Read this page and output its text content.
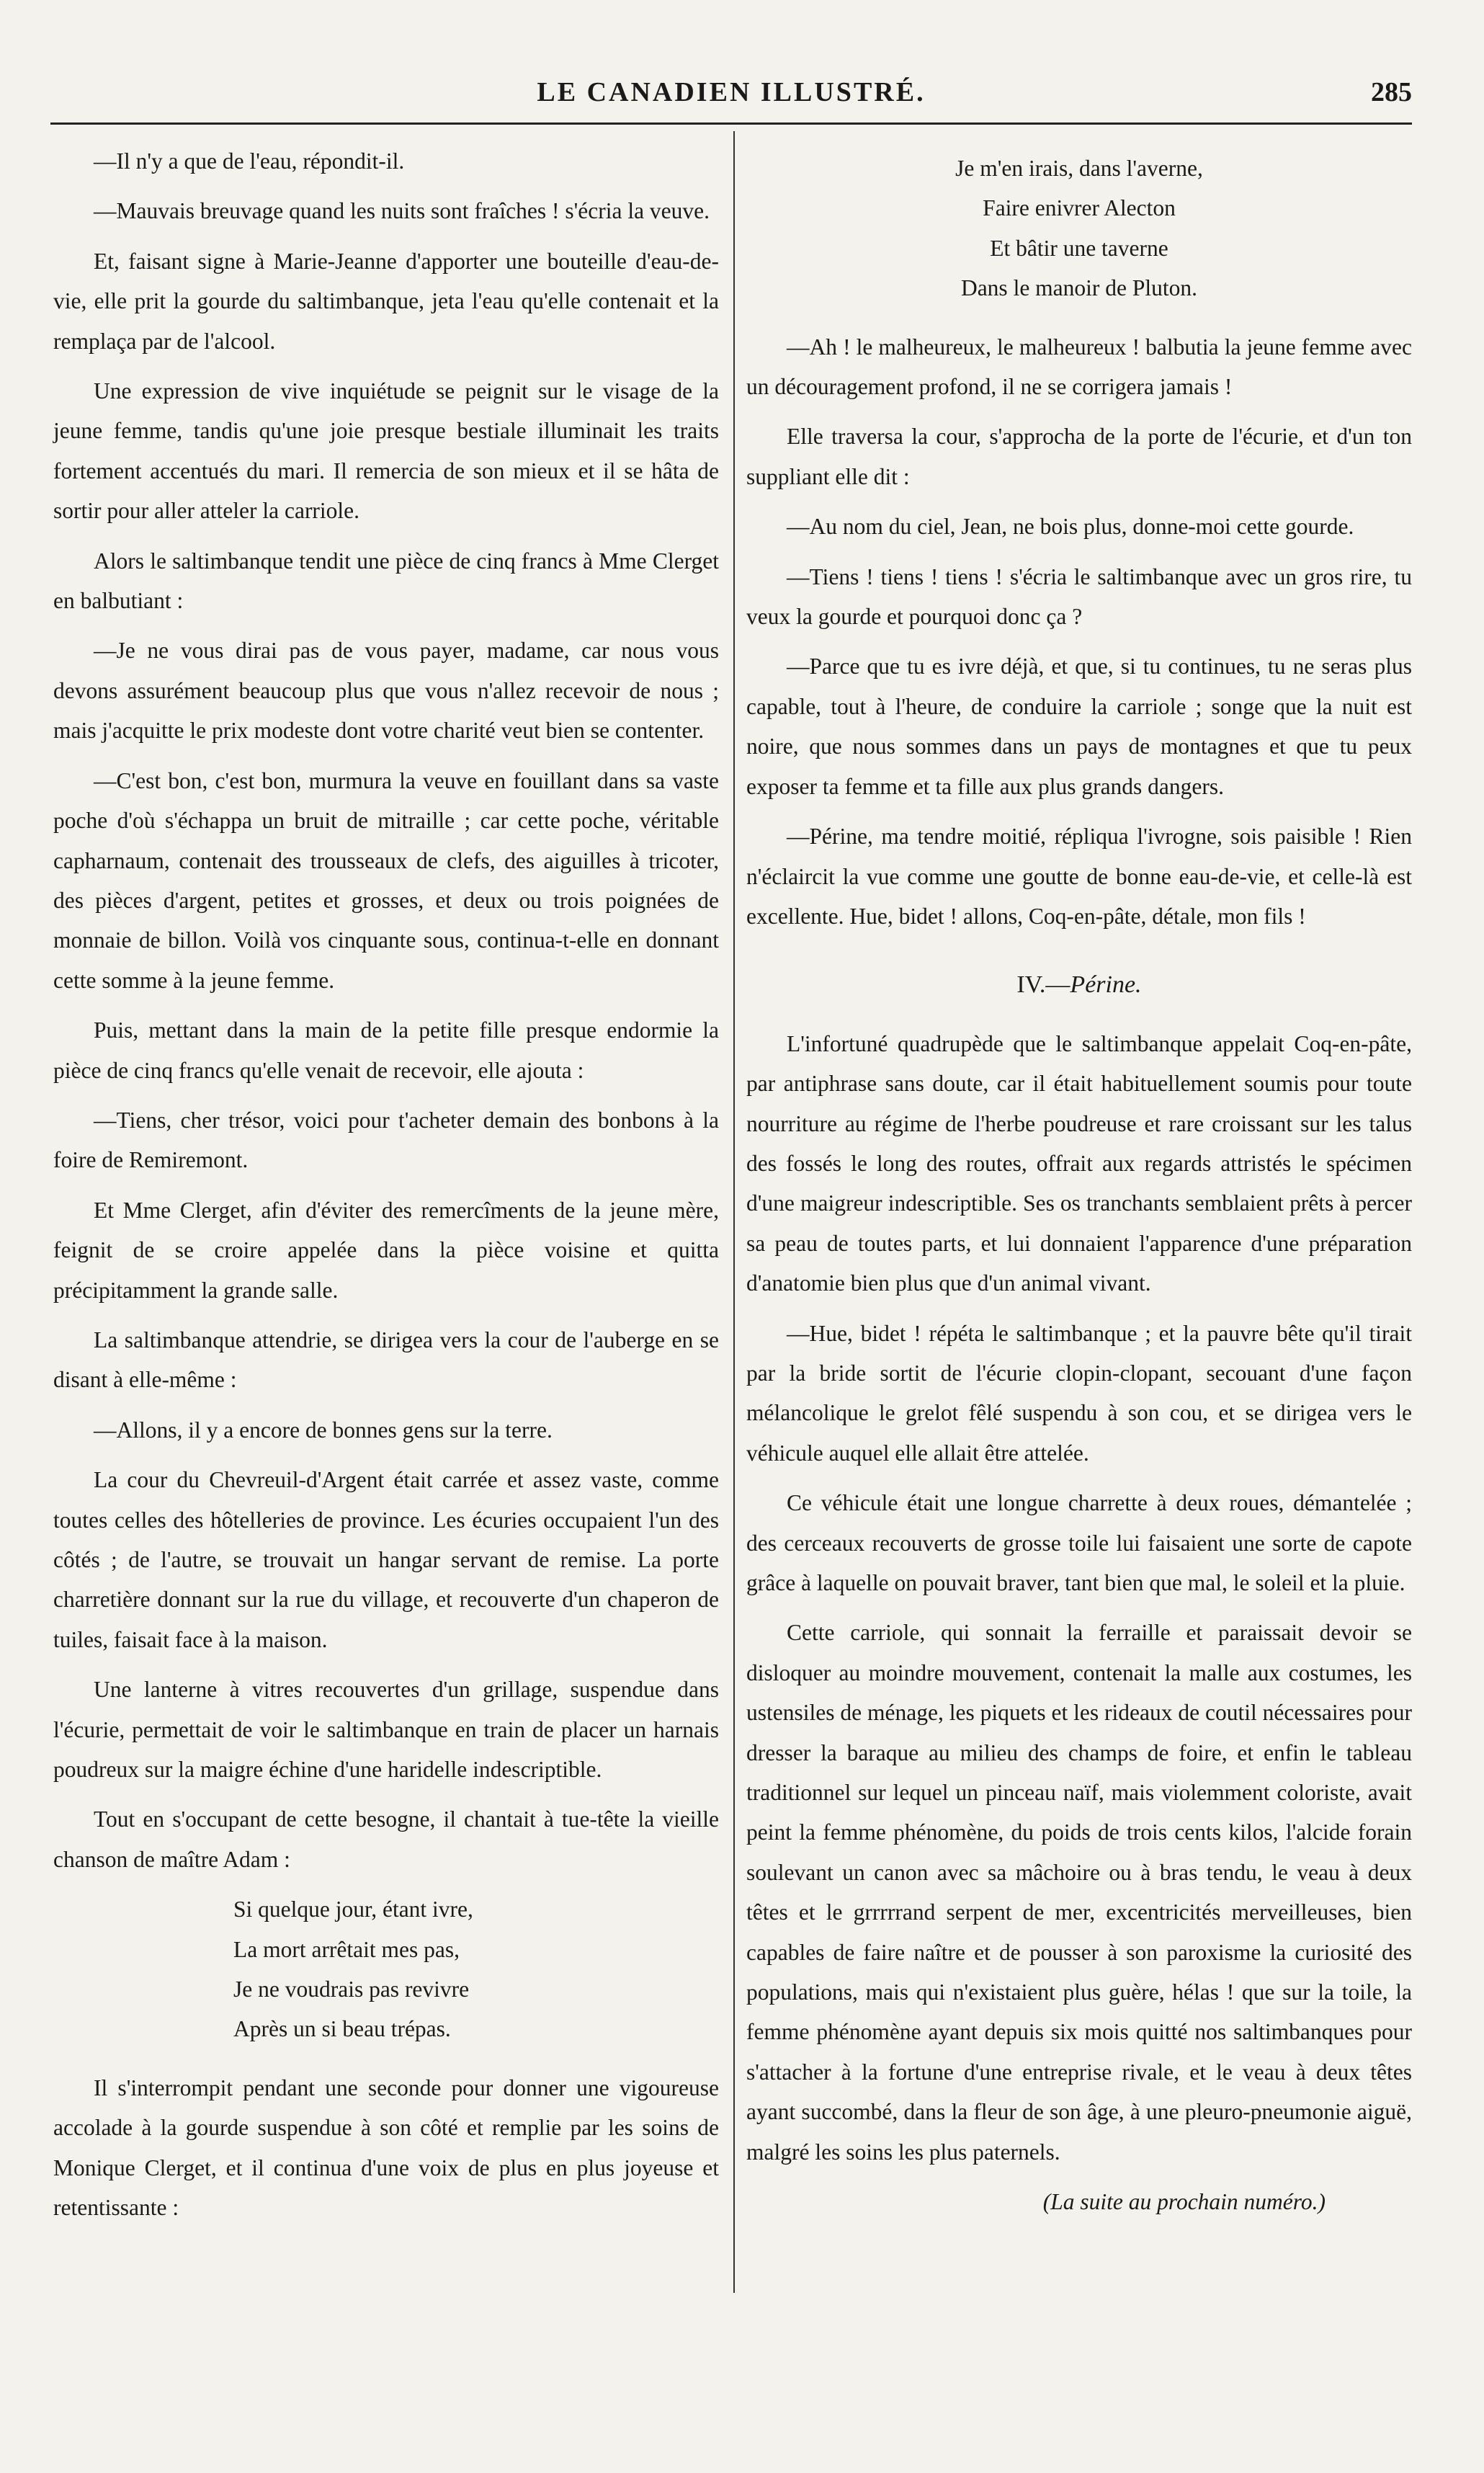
LE CANADIEN ILLUSTRÉ.	285

—Il n'y a que de l'eau, répondit-il.

—Mauvais breuvage quand les nuits sont fraîches ! s'écria la veuve.

Et, faisant signe à Marie-Jeanne d'apporter une bouteille d'eau-de-vie, elle prit la gourde du saltimbanque, jeta l'eau qu'elle contenait et la remplaça par de l'alcool.

Une expression de vive inquiétude se peignit sur le visage de la jeune femme, tandis qu'une joie presque bestiale illuminait les traits fortement accentués du mari. Il remercia de son mieux et il se hâta de sortir pour aller atteler la carriole.

Alors le saltimbanque tendit une pièce de cinq francs à Mme Clerget en balbutiant :

—Je ne vous dirai pas de vous payer, madame, car nous vous devons assurément beaucoup plus que vous n'allez recevoir de nous ; mais j'acquitte le prix modeste dont votre charité veut bien se contenter.

—C'est bon, c'est bon, murmura la veuve en fouillant dans sa vaste poche d'où s'échappa un bruit de mitraille ; car cette poche, véritable capharnaum, contenait des trousseaux de clefs, des aiguilles à tricoter, des pièces d'argent, petites et grosses, et deux ou trois poignées de monnaie de billon. Voilà vos cinquante sous, continua-t-elle en donnant cette somme à la jeune femme.

Puis, mettant dans la main de la petite fille presque endormie la pièce de cinq francs qu'elle venait de recevoir, elle ajouta :

—Tiens, cher trésor, voici pour t'acheter demain des bonbons à la foire de Remiremont.

Et Mme Clerget, afin d'éviter des remercîments de la jeune mère, feignit de se croire appelée dans la pièce voisine et quitta précipitamment la grande salle.

La saltimbanque attendrie, se dirigea vers la cour de l'auberge en se disant à elle-même :

—Allons, il y a encore de bonnes gens sur la terre.

La cour du Chevreuil-d'Argent était carrée et assez vaste, comme toutes celles des hôtelleries de province. Les écuries occupaient l'un des côtés ; de l'autre, se trouvait un hangar servant de remise. La porte charretière donnant sur la rue du village, et recouverte d'un chaperon de tuiles, faisait face à la maison.

Une lanterne à vitres recouvertes d'un grillage, suspendue dans l'écurie, permettait de voir le saltimbanque en train de placer un harnais poudreux sur la maigre échine d'une haridelle indescriptible.

Tout en s'occupant de cette besogne, il chantait à tue-tête la vieille chanson de maître Adam :

Si quelque jour, étant ivre,
La mort arrêtait mes pas,
Je ne voudrais pas revivre
Après un si beau trépas.

Il s'interrompit pendant une seconde pour donner une vigoureuse accolade à la gourde suspendue à son côté et remplie par les soins de Monique Clerget, et il continua d'une voix de plus en plus joyeuse et retentissante :

Je m'en irais, dans l'averne,
Faire enivrer Alecton
Et bâtir une taverne
Dans le manoir de Pluton.

—Ah ! le malheureux, le malheureux ! balbutia la jeune femme avec un découragement profond, il ne se corrigera jamais !

Elle traversa la cour, s'approcha de la porte de l'écurie, et d'un ton suppliant elle dit :

—Au nom du ciel, Jean, ne bois plus, donne-moi cette gourde.

—Tiens ! tiens ! tiens ! s'écria le saltimbanque avec un gros rire, tu veux la gourde et pourquoi donc ça ?

—Parce que tu es ivre déjà, et que, si tu continues, tu ne seras plus capable, tout à l'heure, de conduire la carriole ; songe que la nuit est noire, que nous sommes dans un pays de montagnes et que tu peux exposer ta femme et ta fille aux plus grands dangers.

—Périne, ma tendre moitié, répliqua l'ivrogne, sois paisible ! Rien n'éclaircit la vue comme une goutte de bonne eau-de-vie, et celle-là est excellente. Hue, bidet ! allons, Coq-en-pâte, détale, mon fils !

IV.—Périne.

L'infortuné quadrupède que le saltimbanque appelait Coq-en-pâte, par antiphrase sans doute, car il était habituellement soumis pour toute nourriture au régime de l'herbe poudreuse et rare croissant sur les talus des fossés le long des routes, offrait aux regards attristés le spécimen d'une maigreur indescriptible. Ses os tranchants semblaient prêts à percer sa peau de toutes parts, et lui donnaient l'apparence d'une préparation d'anatomie bien plus que d'un animal vivant.

—Hue, bidet ! répéta le saltimbanque ; et la pauvre bête qu'il tirait par la bride sortit de l'écurie clopin-clopant, secouant d'une façon mélancolique le grelot fêlé suspendu à son cou, et se dirigea vers le véhicule auquel elle allait être attelée.

Ce véhicule était une longue charrette à deux roues, démantelée ; des cerceaux recouverts de grosse toile lui faisaient une sorte de capote grâce à laquelle on pouvait braver, tant bien que mal, le soleil et la pluie.

Cette carriole, qui sonnait la ferraille et paraissait devoir se disloquer au moindre mouvement, contenait la malle aux costumes, les ustensiles de ménage, les piquets et les rideaux de coutil nécessaires pour dresser la baraque au milieu des champs de foire, et enfin le tableau traditionnel sur lequel un pinceau naïf, mais violemment coloriste, avait peint la femme phénomène, du poids de trois cents kilos, l'alcide forain soulevant un canon avec sa mâchoire ou à bras tendu, le veau à deux têtes et le grrrrrand serpent de mer, excentricités merveilleuses, bien capables de faire naître et de pousser à son paroxisme la curiosité des populations, mais qui n'existaient plus guère, hélas ! que sur la toile, la femme phénomène ayant depuis six mois quitté nos saltimbanques pour s'attacher à la fortune d'une entreprise rivale, et le veau à deux têtes ayant succombé, dans la fleur de son âge, à une pleuro-pneumonie aiguë, malgré les soins les plus paternels.

(La suite au prochain numéro.)
